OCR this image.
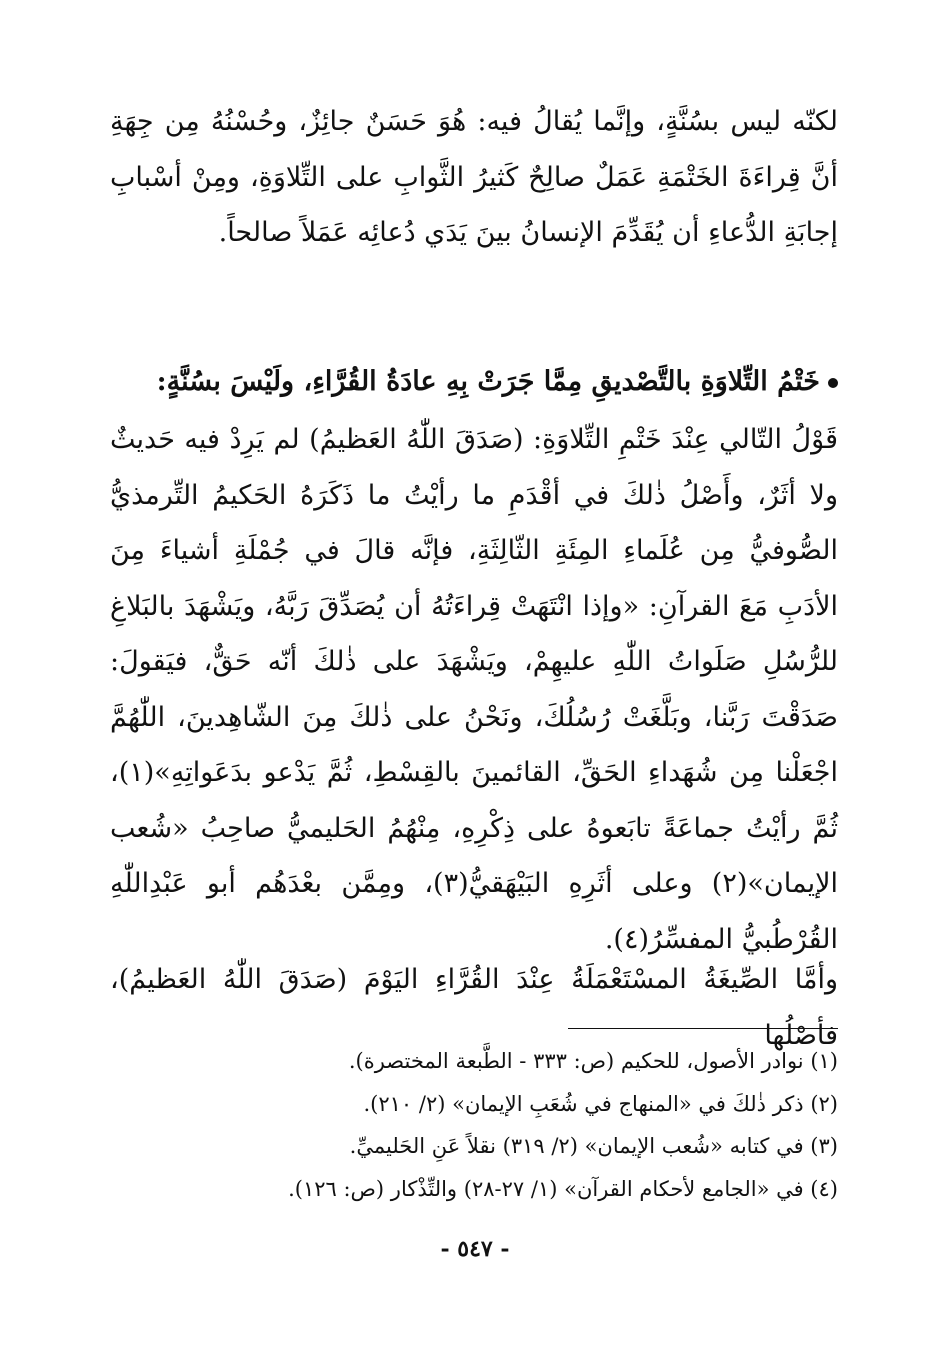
لكنّه ليس بسُنَّةٍ، وإنَّما يُقالُ فيه: هُوَ حَسَنٌ جائِزٌ، وحُسْنُهُ مِن جِهَةِ أنَّ قِراءَةَ الخَتْمَةِ عَمَلٌ صالِحٌ كَثيرُ الثَّوابِ على التِّلاوَةِ، ومِنْ أسْبابِ إجابَةِ الدُّعاءِ أن يُقَدِّمَ الإنسانُ بينَ يَدَي دُعائِه عَمَلاً صالحاً.

خَتْمُ التِّلاوَةِ بالتَّصْديقِ مِمَّا جَرَتْ بِهِ عادَةُ القُرَّاءِ، ولَيْسَ بسُنَّةٍ:

قَوْلُ التّالي عِنْدَ خَتْمِ التِّلاوَةِ: (صَدَقَ اللّٰهُ العَظيمُ) لم يَرِدْ فيه حَديثٌ ولا أثَرٌ، وأَصْلُ ذٰلكَ في أقْدَمِ ما رأيْتُ ما ذَكَرَهُ الحَكيمُ التِّرمذيُّ الصُّوفيُّ مِن عُلَماءِ المِئَةِ الثّالِثَةِ، فإنَّه قالَ في جُمْلَةِ أشياءَ مِنَ الأدَبِ مَعَ القرآنِ: «وإذا انْتَهَتْ قِراءَتُهُ أن يُصَدِّقَ رَبَّهُ، ويَشْهَدَ بالبَلاغِ للرُّسُلِ صَلَواتُ اللّٰهِ عليهِمْ، ويَشْهَدَ على ذٰلكَ أنّه حَقٌّ، فيَقولَ: صَدَقْتَ رَبَّنا، وبَلَّغَتْ رُسُلُكَ، ونَحْنُ على ذٰلكَ مِنَ الشّاهِدينَ، اللّٰهُمَّ اجْعَلْنا مِن شُهَداءِ الحَقِّ، القائمينَ بالقِسْطِ، ثُمَّ يَدْعو بدَعَواتِهِ»(١)، ثُمَّ رأيْتُ جماعَةً تابَعوهُ على ذِكْرِهِ، مِنْهُمُ الحَليميُّ صاحِبُ «شُعب الإيمان»(٢) وعلى أثَرِهِ البَيْهَقيُّ(٣)، ومِمَّن بعْدَهُم أبو عَبْدِاللّٰهِ القُرْطُبيُّ المفسِّرُ(٤).

وأمَّا الصِّيغَةُ المسْتَعْمَلَةُ عِنْدَ القُرَّاءِ اليَوْمَ (صَدَقَ اللّٰهُ العَظيمُ)، فأصْلُها

(١) نوادر الأصول، للحكيم (ص: ٣٣٣ - الطَّبعة المختصرة).

(٢) ذكر ذٰلكَ في «المنهاج في شُعَبِ الإيمان» (٢/ ٢١٠).

(٣) في كتابه «شُعب الإيمان» (٢/ ٣١٩) نقلاً عَنِ الحَليميِّ.

(٤) في «الجامع لأحكام القرآن» (١/ ٢٧-٢٨) والتِّذْكار (ص: ١٢٦).

- ٥٤٧ -
